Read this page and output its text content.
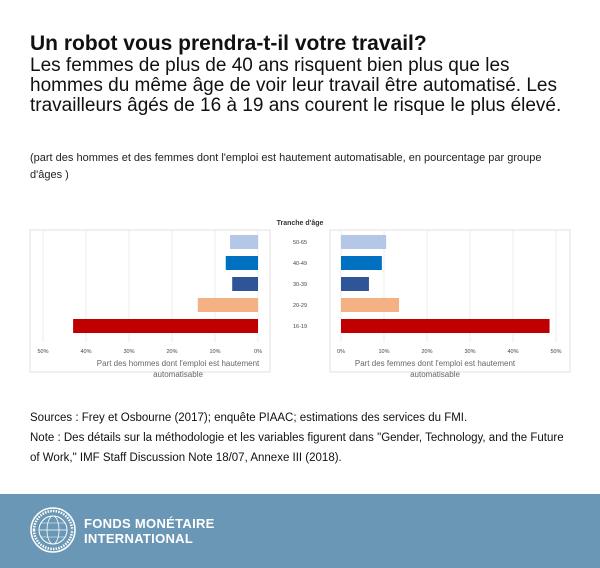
Un robot vous prendra-t-il votre travail?
Les femmes de plus de 40 ans risquent bien plus que les hommes du même âge de voir leur travail être automatisé. Les travailleurs âgés de 16 à 19 ans courent le risque le plus élevé.
(part des hommes et des femmes dont l'emploi est hautement automatisable, en pourcentage par groupe d'âges )
Tranche d'âge
50%	40%	30%	20%	10%	0%
Part des hommes dont l'emploi est hautement
automatisable
0%	10%	20%	30%	40%	50%
Part des femmes dont l'emploi est hautement
automatisable
50-65
40-49
30-39
20-29
16-19
Sources : Frey et Osbourne (2017); enquête PIAAC; estimations des services du FMI.
Note : Des détails sur la méthodologie et les variables figurent dans "Gender, Technology, and the Future of Work," IMF Staff Discussion Note 18/07, Annexe III (2018).
FONDS MONÉTAIRE
INTERNATIONAL
